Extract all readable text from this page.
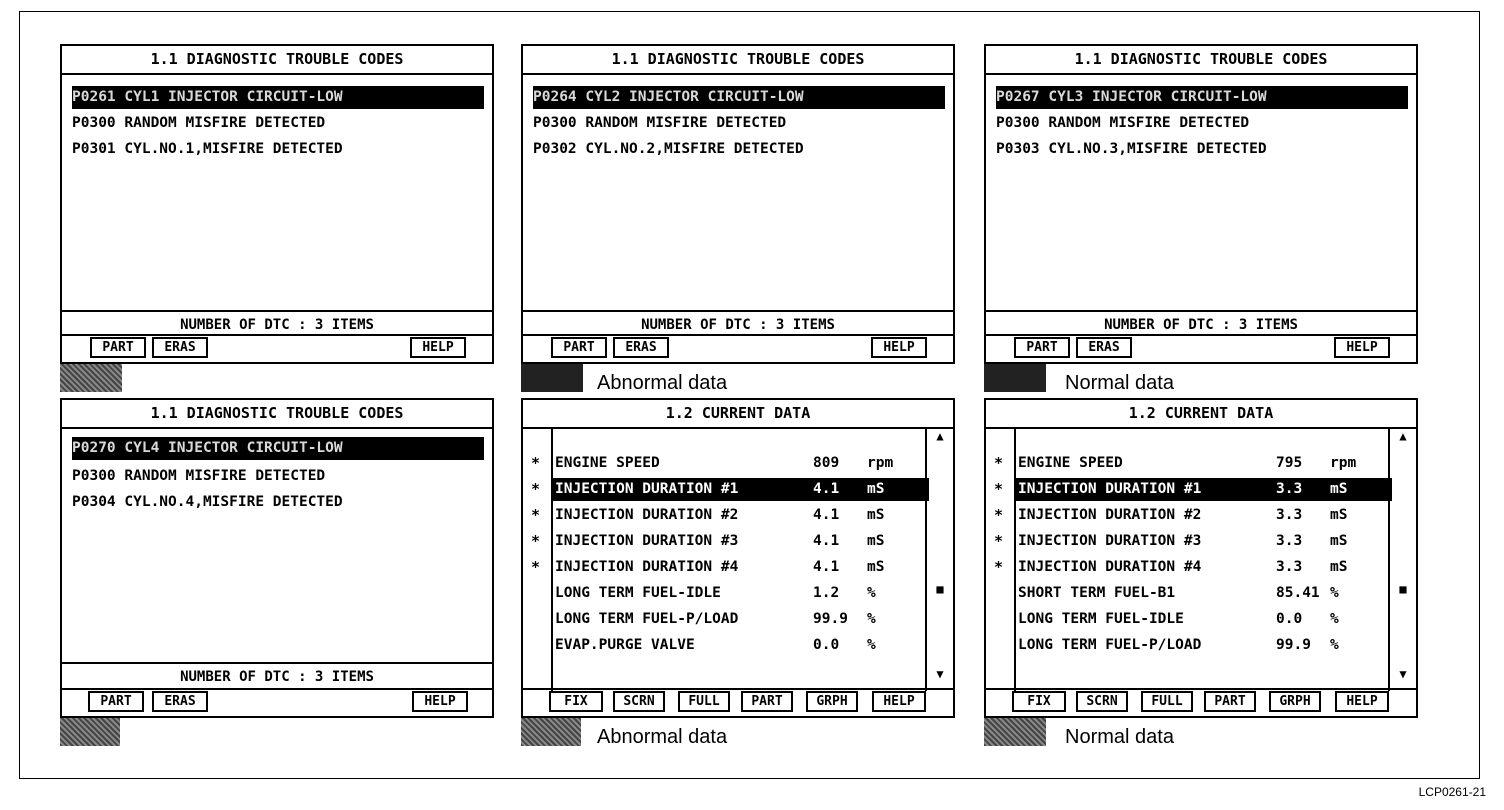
1.1 DIAGNOSTIC TROUBLE CODES
P0261 CYL1 INJECTOR CIRCUIT-LOW
P0300 RANDOM MISFIRE DETECTED
P0301 CYL.NO.1,MISFIRE DETECTED
NUMBER OF DTC : 3 ITEMS
PART	ERAS	HELP
1.1 DIAGNOSTIC TROUBLE CODES
P0264 CYL2 INJECTOR CIRCUIT-LOW
P0300 RANDOM MISFIRE DETECTED
P0302 CYL.NO.2,MISFIRE DETECTED
NUMBER OF DTC : 3 ITEMS
PART	ERAS	HELP
Abnormal data
1.1 DIAGNOSTIC TROUBLE CODES
P0267 CYL3 INJECTOR CIRCUIT-LOW
P0300 RANDOM MISFIRE DETECTED
P0303 CYL.NO.3,MISFIRE DETECTED
NUMBER OF DTC : 3 ITEMS
PART	ERAS	HELP
Normal data
1.1 DIAGNOSTIC TROUBLE CODES
P0270 CYL4 INJECTOR CIRCUIT-LOW
P0300 RANDOM MISFIRE DETECTED
P0304 CYL.NO.4,MISFIRE DETECTED
NUMBER OF DTC : 3 ITEMS
PART	ERAS	HELP
1.2 CURRENT DATA
▲
■
▼
* ENGINE SPEED	809 rpm
* INJECTION DURATION #1	4.1 mS
* INJECTION DURATION #2	4.1 mS
* INJECTION DURATION #3	4.1 mS
* INJECTION DURATION #4	4.1 mS
LONG TERM FUEL-IDLE	1.2 %
LONG TERM FUEL-P/LOAD	99.9 %
EVAP.PURGE VALVE	0.0 %
FIX	SCRN	FULL	PART	GRPH	HELP
Abnormal data
1.2 CURRENT DATA
▲
■
▼
* ENGINE SPEED	795 rpm
* INJECTION DURATION #1	3.3 mS
* INJECTION DURATION #2	3.3 mS
* INJECTION DURATION #3	3.3 mS
* INJECTION DURATION #4	3.3 mS
SHORT TERM FUEL-B1	85.41 %
LONG TERM FUEL-IDLE	0.0 %
LONG TERM FUEL-P/LOAD	99.9 %
FIX	SCRN	FULL	PART	GRPH	HELP
Normal data
LCP0261-21
